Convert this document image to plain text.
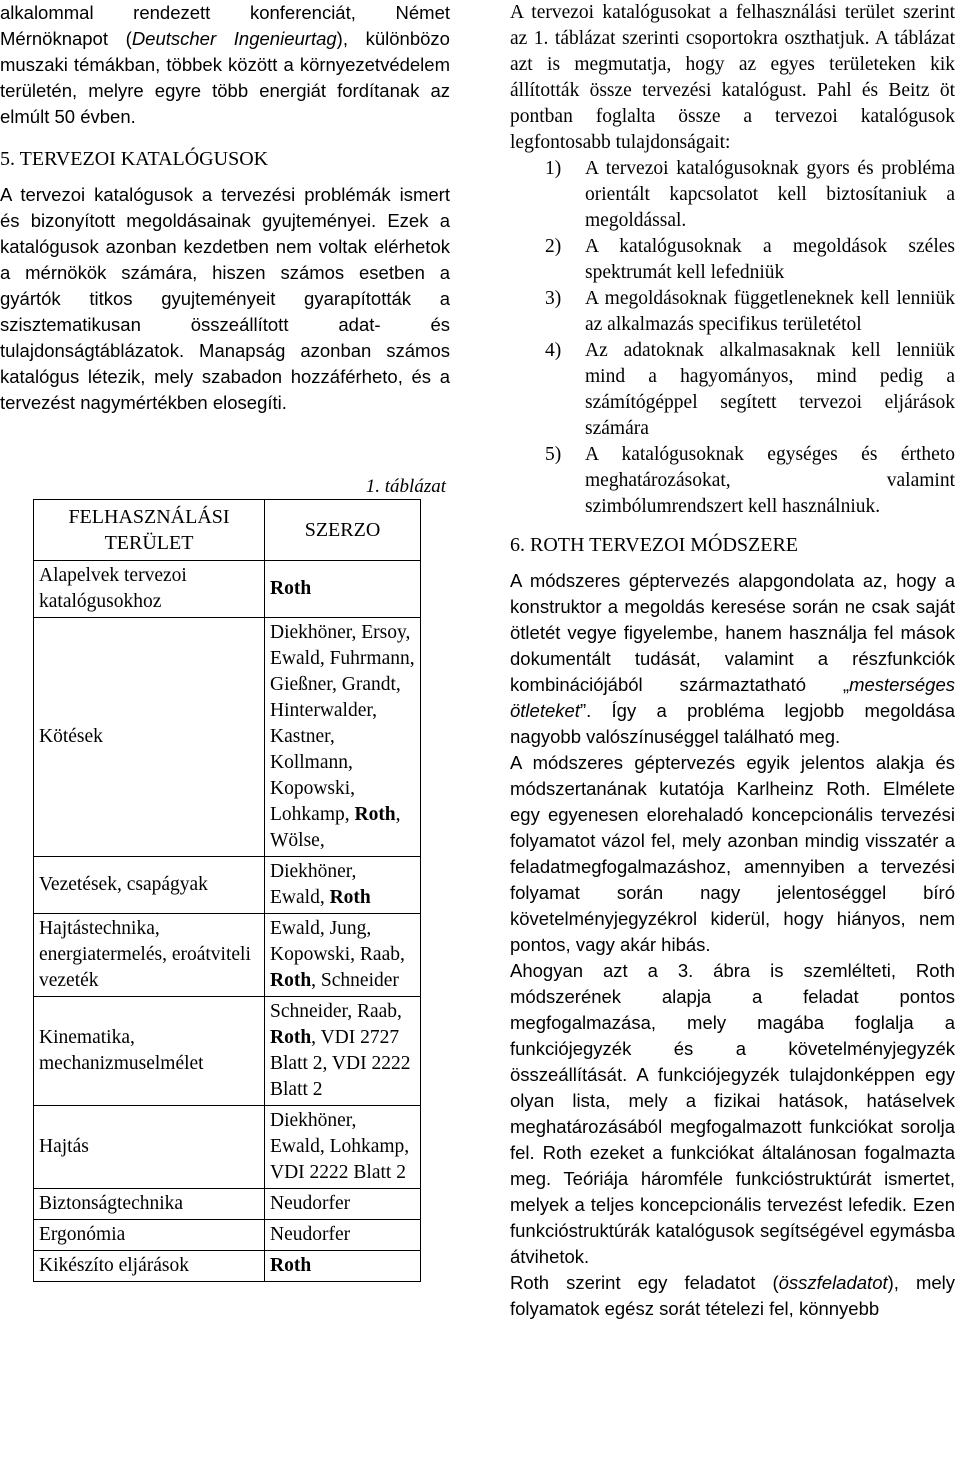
alkalommal rendezett konferenciát, Német Mérnöknapot (Deutscher Ingenieurtag), különbözo muszaki témákban, többek között a környezetvédelem területén, melyre egyre több energiát fordítanak az elmúlt 50 évben.

5. TERVEZOI KATALÓGUSOK

A tervezoi katalógusok a tervezési problémák ismert és bizonyított megoldásainak gyujteményei. Ezek a katalógusok azonban kezdetben nem voltak elérhetok a mérnökök számára, hiszen számos esetben a gyártók titkos gyujteményeit gyarapították a szisztematikusan összeállított adat- és tulajdonságtáblázatok. Manapság azonban számos katalógus létezik, mely szabadon hozzáférheto, és a tervezést nagymértékben elosegíti.

1. táblázat
FELHASZNÁLÁSI TERÜLET	SZERZO
Alapelvek tervezoi katalógusokhoz	Roth
Kötések	Diekhöner, Ersoy, Ewald, Fuhrmann, Gießner, Grandt, Hinterwalder, Kastner, Kollmann, Kopowski, Lohkamp, Roth, Wölse,
Vezetések, csapágyak	Diekhöner, Ewald, Roth
Hajtástechnika, energiatermelés, eroátviteli vezeték	Ewald, Jung, Kopowski, Raab, Roth, Schneider
Kinematika, mechanizmuselmélet	Schneider, Raab, Roth, VDI 2727 Blatt 2, VDI 2222 Blatt 2
Hajtás	Diekhöner, Ewald, Lohkamp, VDI 2222 Blatt 2
Biztonságtechnika	Neudorfer
Ergonómia	Neudorfer
Kikészíto eljárások	Roth

A tervezoi katalógusokat a felhasználási terület szerint az 1. táblázat szerinti csoportokra oszthatjuk. A táblázat azt is megmutatja, hogy az egyes területeken kik állították össze tervezési katalógust. Pahl és Beitz öt pontban foglalta össze a tervezoi katalógusok legfontosabb tulajdonságait:

1) A tervezoi katalógusoknak gyors és probléma orientált kapcsolatot kell biztosítaniuk a megoldással.
2) A katalógusoknak a megoldások széles spektrumát kell lefedniük
3) A megoldásoknak függetleneknek kell lenniük az alkalmazás specifikus területétol
4) Az adatoknak alkalmasaknak kell lenniük mind a hagyományos, mind pedig a számítógéppel segített tervezoi eljárások számára
5) A katalógusoknak egységes és értheto meghatározásokat, valamint szimbólumrendszert kell használniuk.
6. ROTH TERVEZOI MÓDSZERE

A módszeres géptervezés alapgondolata az, hogy a konstruktor a megoldás keresése során ne csak saját ötletét vegye figyelembe, hanem használja fel mások dokumentált tudását, valamint a részfunkciók kombinációjából származtatható „mesterséges ötleteket”. Így a probléma legjobb megoldása nagyobb valószínuséggel található meg.

A módszeres géptervezés egyik jelentos alakja és módszertanának kutatója Karlheinz Roth. Elmélete egy egyenesen elorehaladó koncepcionális tervezési folyamatot vázol fel, mely azonban mindig visszatér a feladatmegfogalmazáshoz, amennyiben a tervezési folyamat során nagy jelentoséggel bíró követelményjegyzékrol kiderül, hogy hiányos, nem pontos, vagy akár hibás.

Ahogyan azt a 3. ábra is szemlélteti, Roth módszerének alapja a feladat pontos megfogalmazása, mely magába foglalja a funkciójegyzék és a követelményjegyzék összeállítását. A funkciójegyzék tulajdonképpen egy olyan lista, mely a fizikai hatások, hatáselvek meghatározásából megfogalmazott funkciókat sorolja fel. Roth ezeket a funkciókat általánosan fogalmazta meg. Teóriája háromféle funkcióstruktúrát ismertet, melyek a teljes koncepcionális tervezést lefedik. Ezen funkcióstruktúrák katalógusok segítségével egymásba átvihetok.

Roth szerint egy feladatot (összfeladatot), mely folyamatok egész sorát tételezi fel, könnyebb
